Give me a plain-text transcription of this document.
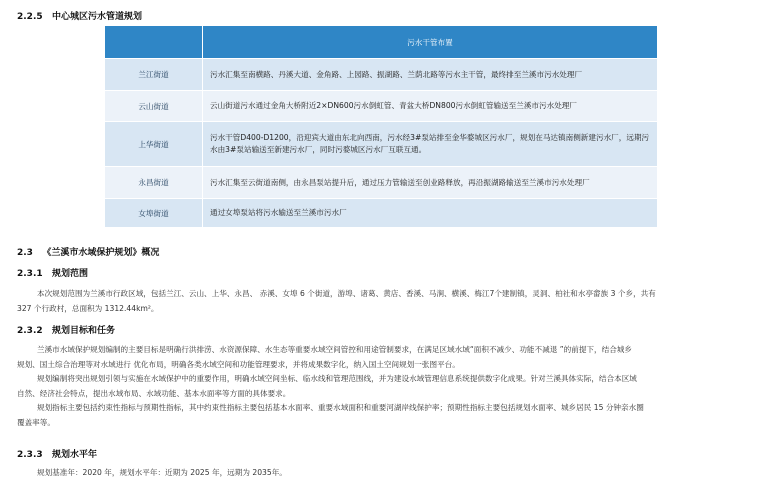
2.2.5 中心城区污水管道规划
	污水干管布置
兰江街道	污水汇集至南横路、丹溪大道、金角路、上园路、振湖路、兰荫北路等污水主干管，最终排至兰溪市污水处理厂
云山街道	云山街道污水通过金角大桥附近2×DN600污水倒虹管、青盆大桥DN800污水倒虹管输送至兰溪市污水处理厂
上华街道	污水干管D400-D1200，沿迎宾大道由东北向西南，污水经3#泵站排至金华婺城区污水厂，规划在马达镇南侧新建污水厂，远期污水由3#泵站输送至新建污水厂，同时污婺城区污水厂互联互通。
永昌街道	污水汇集至云街道南侧，由永昌泵站提升后，通过压力管输送至创业路释放，再沿振湖路输送至兰溪市污水处理厂
女埠街道	通过女埠泵站将污水输送至兰溪市污水厂
2.3 《兰溪市水域保护规划》概况
2.3.1 规划范围
本次规划范围为兰溪市行政区域，包括兰江、云山、上华、永昌、 赤溪、女埠 6 个街道，游埠、诸葛、黄店、香溪、马涧、横溪、梅江7个建制镇，灵洞、柏社和水亭畲族 3 个乡，共有
327 个行政村，总面积为 1312.44km²。
2.3.2 规划目标和任务
兰溪市水域保护规划编制的主要目标是明确行洪排涝、水资源保障、水生态等重要水域空间管控和用途管制要求，在满足区域水域“面积不减少、功能不减退 ”的前提下，结合城乡
规划、国土综合治理等对水域进行 优化布局，明确各类水域空间和功能管理要求，并将成果数字化，纳入国土空间规划一张图平台。
规划编制将突出规划引领与实施在水域保护中的重要作用，明确水域空间坐标、临水线和管理范围线，并为建设水域管理信息系统提供数字化成果。针对兰溪具体实际，结合本区域
自然、经济社会特点，提出水域布局、水域功能、基本水面率等方面的具体要求。
规划指标主要包括约束性指标与预期性指标，其中约束性指标主要包括基本水面率、重要水域面积和重要河湖岸线保护率；预期性指标主要包括规划水面率、城乡居民 15 分钟亲水圈
覆盖率等。
2.3.3 规划水平年
规划基准年：2020 年，规划水平年：近期为 2025 年，远期为 2035年。
